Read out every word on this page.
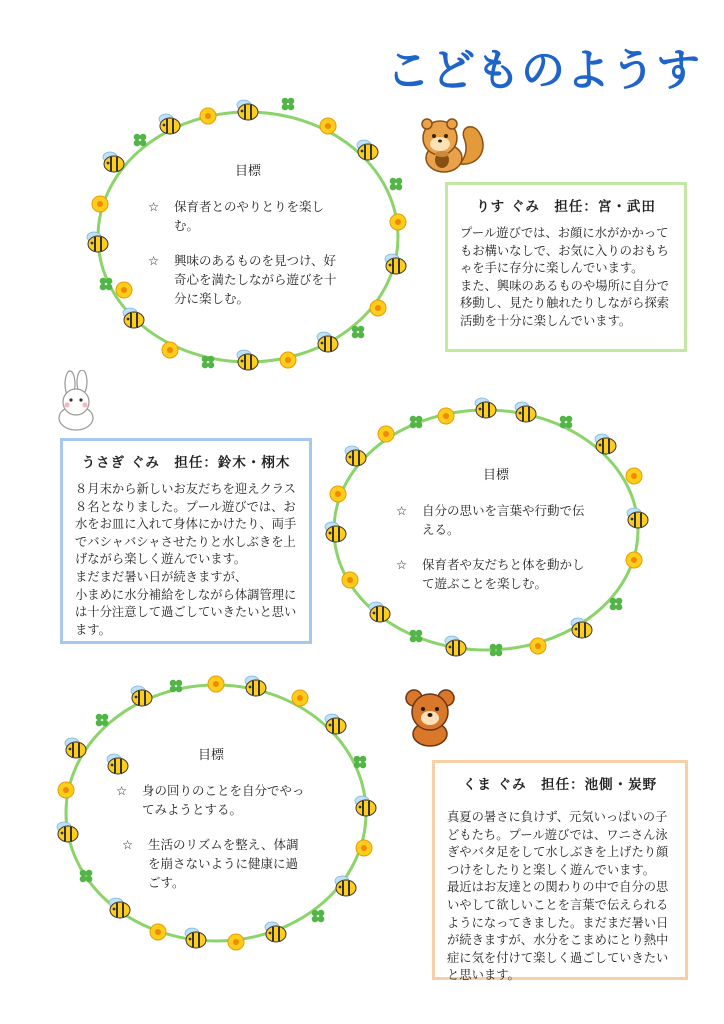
こどものようす
目標
☆	保育者とのやりとりを楽しむ。
☆	興味のあるものを見つけ、好奇心を満たしながら遊びを十分に楽しむ。
りす ぐみ　担任：宮・武田

プール遊びでは、お顔に水がかかってもお構いなしで、お気に入りのおもちゃを手に存分に楽しんでいます。

また、興味のあるものや場所に自分で移動し、見たり触れたりしながら探索活動を十分に楽しんでいます。

うさぎ ぐみ　担任：鈴木・栩木

８月末から新しいお友だちを迎えクラス８名となりました。プール遊びでは、お水をお皿に入れて身体にかけたり、両手でバシャバシャさせたりと水しぶきを上げながら楽しく遊んでいます。

まだまだ暑い日が続きますが、

小まめに水分補給をしながら体調管理には十分注意して過ごしていきたいと思います。

目標
☆	自分の思いを言葉や行動で伝える。
☆	保育者や友だちと体を動かして遊ぶことを楽しむ。
目標
☆	身の回りのことを自分でやってみようとする。
☆	生活のリズムを整え、体調を崩さないように健康に過ごす。
くま ぐみ　担任：池側・炭野

真夏の暑さに負けず、元気いっぱいの子どもたち。プール遊びでは、ワニさん泳ぎやバタ足をして水しぶきを上げたり顔つけをしたりと楽しく遊んでいます。

最近はお友達との関わりの中で自分の思いやして欲しいことを言葉で伝えられるようになってきました。まだまだ暑い日が続きますが、水分をこまめにとり熱中症に気を付けて楽しく過ごしていきたいと思います。
